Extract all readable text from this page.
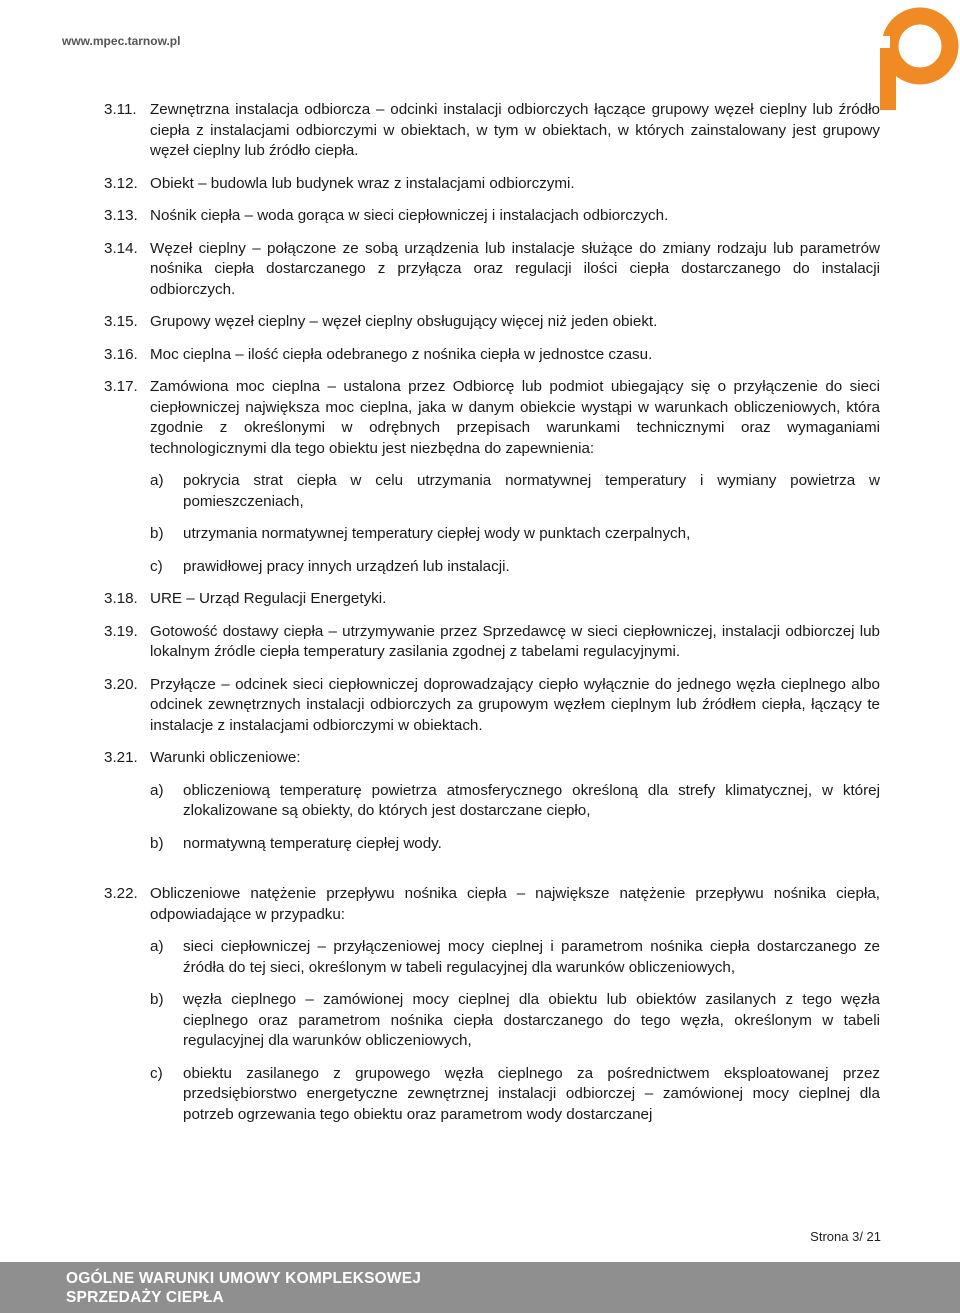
www.mpec.tarnow.pl
3.11. Zewnętrzna instalacja odbiorcza – odcinki instalacji odbiorczych łączące grupowy węzeł cieplny lub źródło ciepła z instalacjami odbiorczymi w obiektach, w tym w obiektach, w których zainstalowany jest grupowy węzeł cieplny lub źródło ciepła.
3.12. Obiekt – budowla lub budynek wraz z instalacjami odbiorczymi.
3.13. Nośnik ciepła – woda gorąca w sieci ciepłowniczej i instalacjach odbiorczych.
3.14. Węzeł cieplny – połączone ze sobą urządzenia lub instalacje służące do zmiany rodzaju lub parametrów nośnika ciepła dostarczanego z przyłącza oraz regulacji ilości ciepła dostarczanego do instalacji odbiorczych.
3.15. Grupowy węzeł cieplny – węzeł cieplny obsługujący więcej niż jeden obiekt.
3.16. Moc cieplna – ilość ciepła odebranego z nośnika ciepła w jednostce czasu.
3.17. Zamówiona moc cieplna – ustalona przez Odbiorcę lub podmiot ubiegający się o przyłączenie do sieci ciepłowniczej największa moc cieplna, jaka w danym obiekcie wystąpi w warunkach obliczeniowych, która zgodnie z określonymi w odrębnych przepisach warunkami technicznymi oraz wymaganiami technologicznymi dla tego obiektu jest niezbędna do zapewnienia:
a)	pokrycia strat ciepła w celu utrzymania normatywnej temperatury i wymiany powietrza w pomieszczeniach,
b)	utrzymania normatywnej temperatury ciepłej wody w punktach czerpalnych,
c)	prawidłowej pracy innych urządzeń lub instalacji.
3.18. URE – Urząd Regulacji Energetyki.
3.19. Gotowość dostawy ciepła – utrzymywanie przez Sprzedawcę w sieci ciepłowniczej, instalacji odbiorczej lub lokalnym źródle ciepła temperatury zasilania zgodnej z tabelami regulacyjnymi.
3.20. Przyłącze – odcinek sieci ciepłowniczej doprowadzający ciepło wyłącznie do jednego węzła cieplnego albo odcinek zewnętrznych instalacji odbiorczych za grupowym węzłem cieplnym lub źródłem ciepła, łączący te instalacje z instalacjami odbiorczymi w obiektach.
3.21. Warunki obliczeniowe:
a)	obliczeniową temperaturę powietrza atmosferycznego określoną dla strefy klimatycznej, w której zlokalizowane są obiekty, do których jest dostarczane ciepło,
b)	normatywną temperaturę ciepłej wody.
3.22. Obliczeniowe natężenie przepływu nośnika ciepła – największe natężenie przepływu nośnika ciepła, odpowiadające w przypadku:
a)	sieci ciepłowniczej – przyłączeniowej mocy cieplnej i parametrom nośnika ciepła dostarczanego ze źródła do tej sieci, określonym w tabeli regulacyjnej dla warunków obliczeniowych,
b)	węzła cieplnego – zamówionej mocy cieplnej dla obiektu lub obiektów zasilanych z tego węzła cieplnego oraz parametrom nośnika ciepła dostarczanego do tego węzła, określonym w tabeli regulacyjnej dla warunków obliczeniowych,
c)	obiektu zasilanego z grupowego węzła cieplnego za pośrednictwem eksploatowanej przez przedsiębiorstwo energetyczne zewnętrznej instalacji odbiorczej – zamówionej mocy cieplnej dla potrzeb ogrzewania tego obiektu oraz parametrom wody dostarczanej
Strona 3/ 21
OGÓLNE WARUNKI UMOWY KOMPLEKSOWEJ
SPRZEDAŻY CIEPŁA
